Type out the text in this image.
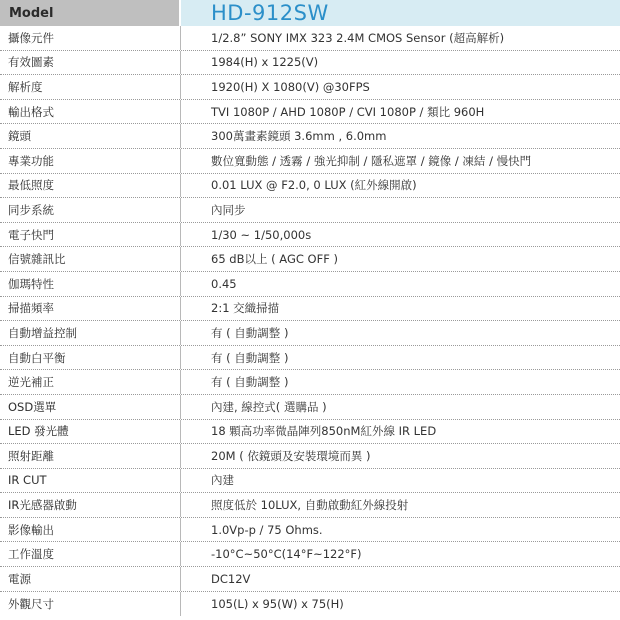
Model	HD-912SW
攝像元件	1/2.8” SONY IMX 323 2.4M CMOS Sensor (超高解析)
有效圖素	1984(H) x 1225(V)
解析度	1920(H) X 1080(V) @30FPS
輸出格式	TVI 1080P / AHD 1080P / CVI 1080P / 類比 960H
鏡頭	300萬畫素鏡頭 3.6mm , 6.0mm
專業功能	數位寬動態 / 透霧 / 強光抑制 / 隱私遮罩 / 鏡像 / 凍結 / 慢快門
最低照度	0.01 LUX @ F2.0, 0 LUX (紅外線開啟)
同步系統	內同步
電子快門	1/30 ~ 1/50,000s
信號雜訊比	65 dB以上 ( AGC OFF )
伽瑪特性	0.45
掃描頻率	2:1 交織掃描
自動增益控制	有 ( 自動調整 )
自動白平衡	有 ( 自動調整 )
逆光補正	有 ( 自動調整 )
OSD選單	內建, 線控式( 選購品 )
LED 發光體	18 顆高功率微晶陣列850nM紅外線 IR LED
照射距離	20M ( 依鏡頭及安裝環境而異 )
IR CUT	內建
IR光感器啟動	照度低於 10LUX, 自動啟動紅外線投射
影像輸出	1.0Vp-p / 75 Ohms.
工作溫度	-10°C~50°C(14°F~122°F)
電源	DC12V
外觀尺寸	105(L) x 95(W) x 75(H)
